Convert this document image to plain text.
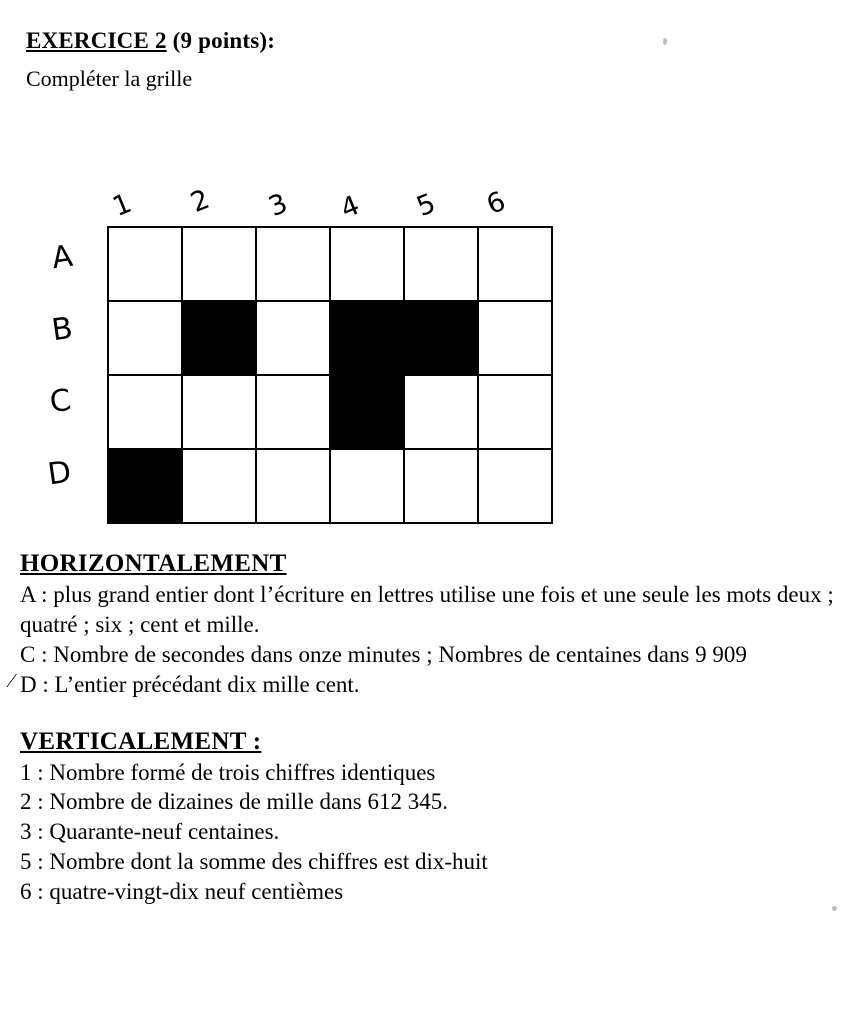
EXERCICE 2 (9 points):
Compléter la grille
1 2 3 4 5 6
A
B
C
D

HORIZONTALEMENT

A : plus grand entier dont l’écriture en lettres utilise une fois et une seule les mots deux ; quatré ; six ; cent et mille.

C : Nombre de secondes dans onze minutes ; Nombres de centaines dans 9 909

⁄ D : L’entier précédant dix mille cent.

VERTICALEMENT :

1 : Nombre formé de trois chiffres identiques

2 : Nombre de dizaines de mille dans 612 345.

3 : Quarante-neuf centaines.

5 : Nombre dont la somme des chiffres est dix-huit

6 : quatre-vingt-dix neuf centièmes
